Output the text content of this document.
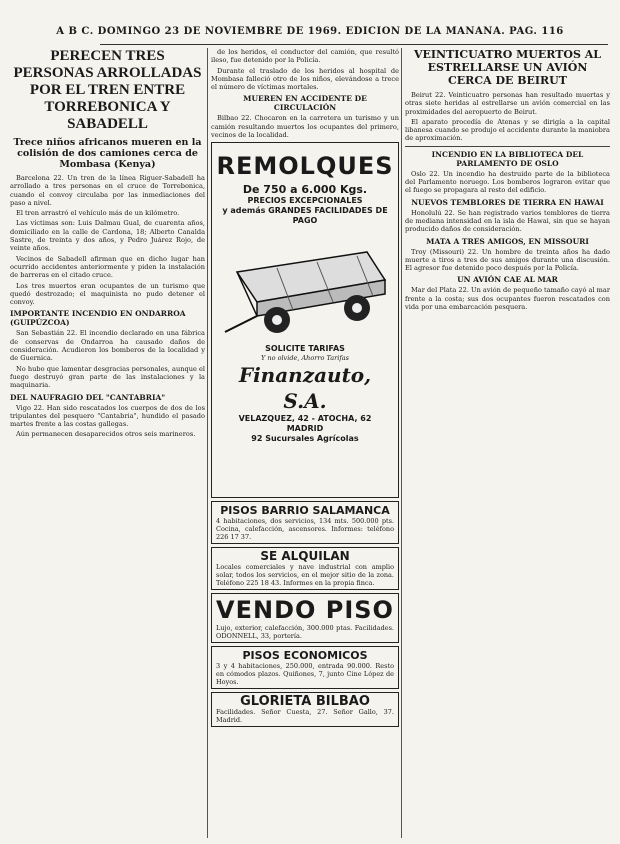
A B C. DOMINGO 23 DE NOVIEMBRE DE 1969. EDICION DE LA MAÑANA. PAG. 116
PERECEN TRES PERSONAS ARROLLADAS POR EL TREN ENTRE TORREBONICA Y SABADELL
Trece niños africanos mueren en la colisión de dos camiones cerca de Mombasa (Kenya)
Barcelona 22. Un tren de la línea Riguer-Sabadell ha arrollado a tres personas en el cruce de Torrebonica, cuando el convoy circulaba por las inmediaciones del paso a nivel.
El tren arrastró el vehículo más de un kilómetro.
Las víctimas son: Luis Dalmau Gual, de cuarenta años, domiciliado en la calle de Cardona, 18; Alberto Canalda Sastre, de treinta y dos años, y Pedro Juárez Rojo, de veinte años.
Vecinos de Sabadell afirman que en dicho lugar han ocurrido accidentes anteriormente y piden la instalación de barreras en el citado cruce.
Los tres muertos eran ocupantes de un turismo que quedó destrozado; el maquinista no pudo detener el convoy.
IMPORTANTE INCENDIO EN ONDARROA (GUIPÚZCOA)
San Sebastián 22. El incendio declarado en una fábrica de conservas de Ondarroa ha causado daños de consideración. Acudieron los bomberos de la localidad y de Guernica.
No hubo que lamentar desgracias personales, aunque el fuego destruyó gran parte de las instalaciones y la maquinaria.
DEL NAUFRAGIO DEL "CANTABRIA"
Vigo 22. Han sido rescatados los cuerpos de dos de los tripulantes del pesquero "Cantabria", hundido el pasado martes frente a las costas gallegas.
Aún permanecen desaparecidos otros seis marineros.
de los heridos, el conductor del camión, que resultó ileso, fue detenido por la Policía.
Durante el traslado de los heridos al hospital de Mombasa falleció otro de los niños, elevándose a trece el número de víctimas mortales.
MUEREN EN ACCIDENTE DE CIRCULACIÓN
Bilbao 22. Chocaron en la carretera un turismo y un camión resultando muertos los ocupantes del primero, vecinos de la localidad.
REMOLQUES
De 750 a 6.000 Kgs.
PRECIOS EXCEPCIONALES
y además GRANDES FACILIDADES DE PAGO
SOLICITE TARIFAS
Y no olvide, Ahorro Tarifas
Finanzauto, S.A.
VELAZQUEZ, 42 - ATOCHA, 62
MADRID
92 Sucursales Agrícolas
PISOS BARRIO SALAMANCA
4 habitaciones, dos servicios, 134 mts. 500.000 pts. Cocina, calefacción, ascensores. Informes: teléfono 226 17 37.
SE ALQUILAN
Locales comerciales y nave industrial con amplio solar, todos los servicios, en el mejor sitio de la zona. Teléfono 225 18 43. Informes en la propia finca.
VENDO PISO
Lujo, exterior, calefacción, 300.000 ptas. Facilidades. ODONNELL, 33, portería.
PISOS ECONOMICOS
3 y 4 habitaciones, 250.000, entrada 90.000. Resto en cómodos plazos. Quiñones, 7, junto Cine López de Hoyos.
GLORIETA BILBAO
Facilidades. Señor Cuesta, 27. Señor Gallo, 37. Madrid.
VEINTICUATRO MUERTOS AL ESTRELLARSE UN AVIÓN CERCA DE BEIRUT
Beirut 22. Veinticuatro personas han resultado muertas y otras siete heridas al estrellarse un avión comercial en las proximidades del aeropuerto de Beirut.
El aparato procedía de Atenas y se dirigía a la capital libanesa cuando se produjo el accidente durante la maniobra de aproximación.
INCENDIO EN LA BIBLIOTECA DEL PARLAMENTO DE OSLO
Oslo 22. Un incendio ha destruido parte de la biblioteca del Parlamento noruego. Los bomberos lograron evitar que el fuego se propagara al resto del edificio.
NUEVOS TEMBLORES DE TIERRA EN HAWAI
Honolulú 22. Se han registrado varios temblores de tierra de mediana intensidad en la isla de Hawai, sin que se hayan producido daños de consideración.
MATA A TRES AMIGOS, EN MISSOURI
Troy (Missouri) 22. Un hombre de treinta años ha dado muerte a tiros a tres de sus amigos durante una discusión. El agresor fue detenido poco después por la Policía.
UN AVIÓN CAE AL MAR
Mar del Plata 22. Un avión de pequeño tamaño cayó al mar frente a la costa; sus dos ocupantes fueron rescatados con vida por una embarcación pesquera.
